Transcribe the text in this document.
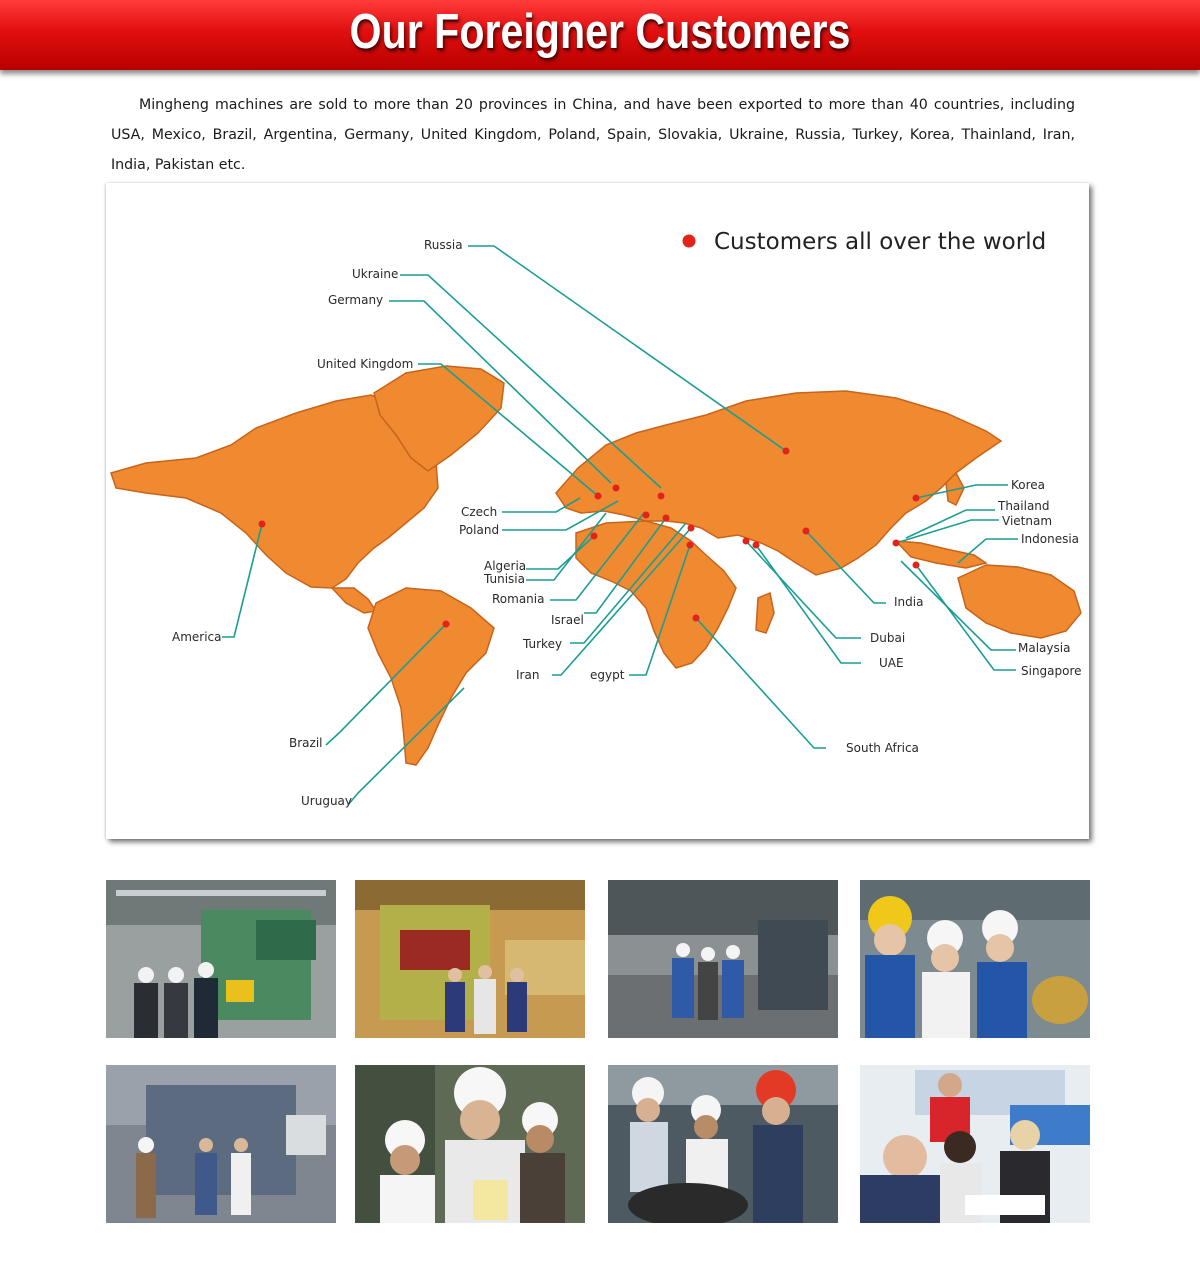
Our Foreigner Customers

Mingheng machines are sold to more than 20 provinces in China, and have been exported to more than 40 countries, including USA, Mexico, Brazil, Argentina, Germany, United Kingdom, Poland, Spain, Slovakia, Ukraine, Russia, Turkey, Korea, Thainland, Iran, India, Pakistan etc.

Customers all over the world
Russia
Ukraine
Germany
United Kingdom
Czech
Poland
Algeria
Tunisia
Romania
Israel
Turkey
Iran	egypt
America
Brazil
Uruguay
Korea
Thailand
Vietnam
Indonesia
India
Dubai
UAE
Malaysia
Singapore
South Africa
